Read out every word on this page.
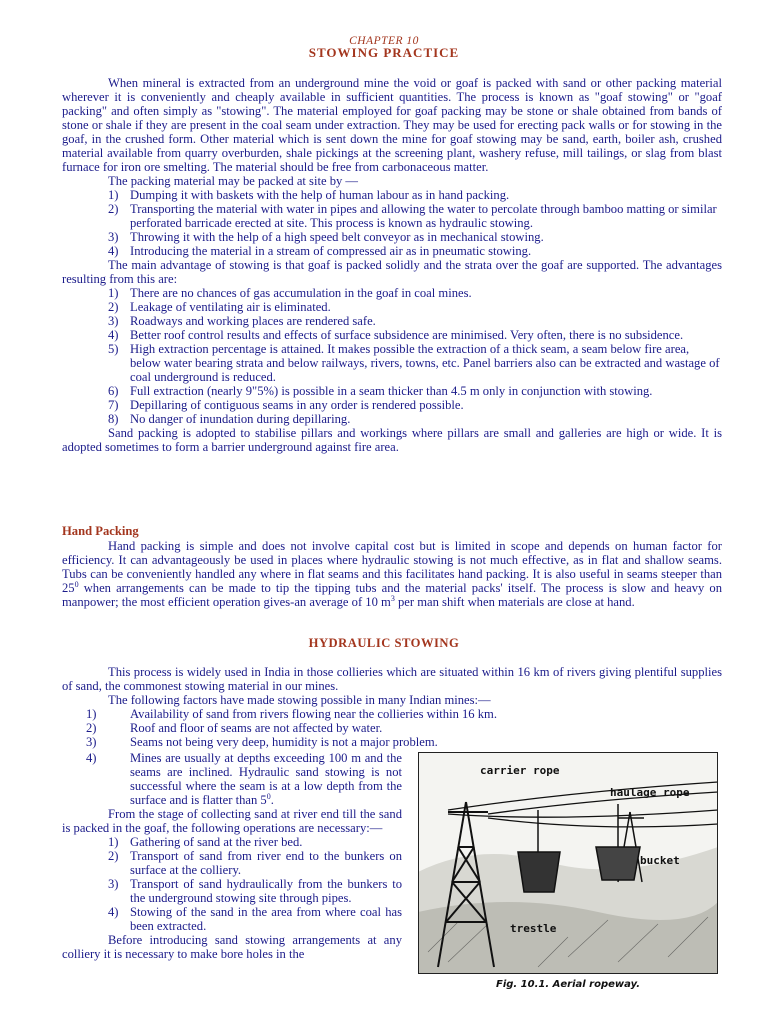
CHAPTER 10
STOWING PRACTICE

When mineral is extracted from an underground mine the void or goaf is packed with sand or other packing material wherever it is conveniently and cheaply available in sufficient quantities. The process is known as "goaf stowing" or "goaf packing" and often simply as "stowing". The material employed for goaf packing may be stone or shale obtained from bands of stone or shale if they are present in the coal seam under extraction. They may be used for erecting pack walls or for stowing in the goaf, in the crushed form. Other material which is sent down the mine for goaf stowing may be sand, earth, boiler ash, crushed material available from quarry overburden, shale pickings at the screening plant, washery refuse, mill tailings, or slag from blast furnace for iron ore smelting. The material should be free from carbonaceous matter.

The packing material may be packed at site by —

1) Dumping it with baskets with the help of human labour as in hand packing.
2) Transporting the material with water in pipes and allowing the water to percolate through bamboo matting or similar perforated barricade erected at site. This process is known as hydraulic stowing.
3) Throwing it with the help of a high speed belt conveyor as in mechanical stowing.
4) Introducing the material in a stream of compressed air as in pneumatic stowing.

The main advantage of stowing is that goaf is packed solidly and the strata over the goaf are supported. The advantages resulting from this are:

1) There are no chances of gas accumulation in the goaf in coal mines.
2) Leakage of ventilating air is eliminated.
3) Roadways and working places are rendered safe.
4) Better roof control results and effects of surface subsidence are minimised. Very often, there is no subsidence.
5) High extraction percentage is attained. It makes possible the extraction of a thick seam, a seam below fire area, below water bearing strata and below railways, rivers, towns, etc. Panel barriers also can be extracted and wastage of coal underground is reduced.
6) Full extraction (nearly 9"5%) is possible in a seam thicker than 4.5 m only in conjunction with stowing.
7) Depillaring of contiguous seams in any order is rendered possible.
8) No danger of inundation during depillaring.

Sand packing is adopted to stabilise pillars and workings where pillars are small and galleries are high or wide. It is adopted sometimes to form a barrier underground against fire area.

Hand Packing

Hand packing is simple and does not involve capital cost but is limited in scope and depends on human factor for efficiency. It can advantageously be used in places where hydraulic stowing is not much effective, as in flat and shallow seams. Tubs can be conveniently handled any where in flat seams and this facilitates hand packing. It is also useful in seams steeper than $25^0$ when arrangements can be made to tip the tipping tubs and the material packs' itself. The process is slow and heavy on manpower; the most efficient operation gives-an average of 10 $m^3$ per man shift when materials are close at hand.

HYDRAULIC STOWING

This process is widely used in India in those collieries which are situated within 16 km of rivers giving plentiful supplies of sand, the commonest stowing material in our mines.

The following factors have made stowing possible in many Indian mines:—

1)	Availability of sand from rivers flowing near the collieries within 16 km.
2)	Roof and floor of seams are not affected by water.
3)	Seams not being very deep, humidity is not a major problem.
4)	Mines are usually at depths exceeding 100 m and the seams are inclined. Hydraulic sand stowing is not successful where the seam is at a low depth from the surface and is flatter than $5^0$.

From the stage of collecting sand at river end till the sand is packed in the goaf, the following operations are necessary:—

1) Gathering of sand at the river bed.
2) Transport of sand from river end to the bunkers on surface at the colliery.
3) Transport of sand hydraulically from the bunkers to the underground stowing site through pipes.
4) Stowing of the sand in the area from where coal has been extracted.

Before introducing sand stowing arrangements at any colliery it is necessary to make bore holes in the

carrier rope
haulage rope
bucket
trestle
Fig. 10.1. Aerial ropeway.
